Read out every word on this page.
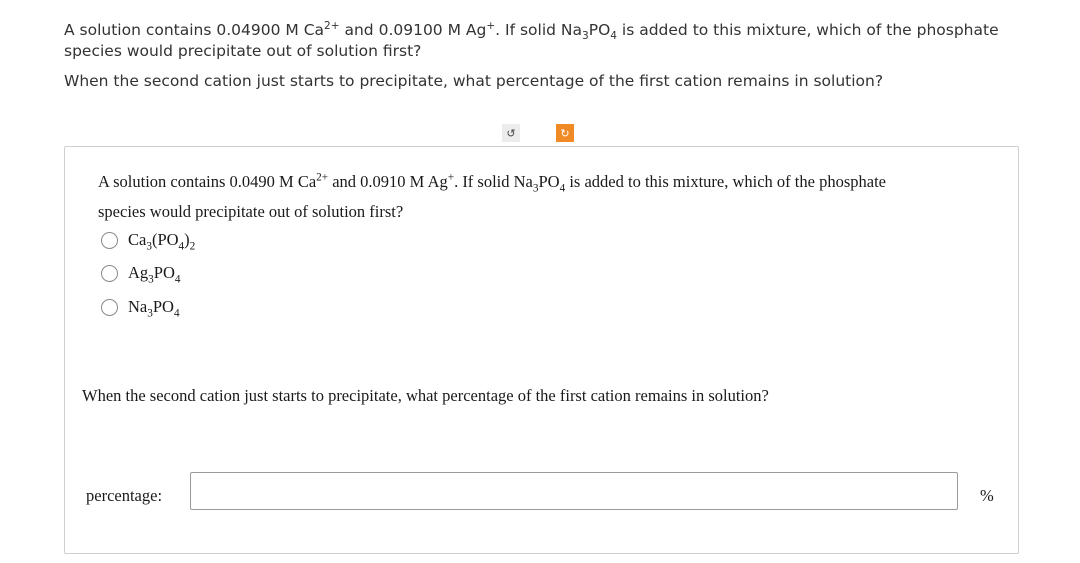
A solution contains 0.04900 M $Ca^{2+}$ and 0.09100 M Ag+. If solid $Na_3PO_4$ is added to this mixture, which of the phosphate species would precipitate out of solution first?

When the second cation just starts to precipitate, what percentage of the first cation remains in solution?

↺	↻

A solution contains 0.0490 M $Ca^{2+}$ and 0.0910 M Ag+. If solid $Na_3PO_4$ is added to this mixture, which of the phosphate

species would precipitate out of solution first?

$Ca_3(PO_4)_2$
$Ag_3PO_4$
$Na_3PO_4$
When the second cation just starts to precipitate, what percentage of the first cation remains in solution?
percentage:	%
